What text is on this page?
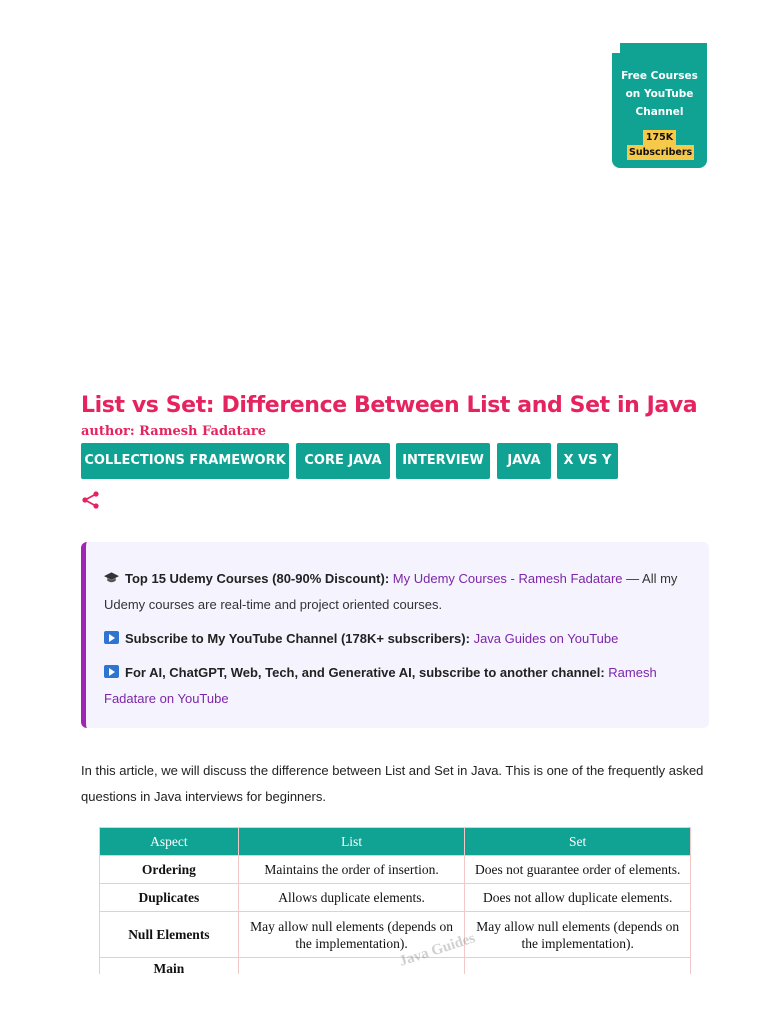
Free Courses
on YouTube
Channel
175K
Subscribers
List vs Set: Difference Between List and Set in Java
author: Ramesh Fadatare
COLLECTIONS FRAMEWORK	CORE JAVA	INTERVIEW	JAVA	X VS Y

Top 15 Udemy Courses (80-90% Discount): My Udemy Courses - Ramesh Fadatare — All my Udemy courses are real-time and project oriented courses.

Subscribe to My YouTube Channel (178K+ subscribers): Java Guides on YouTube

For AI, ChatGPT, Web, Tech, and Generative AI, subscribe to another channel: Ramesh Fadatare on YouTube

In this article, we will discuss the difference between List and Set in Java. This is one of the frequently asked questions in Java interviews for beginners.

Aspect	List	Set
Ordering	Maintains the order of insertion.	Does not guarantee order of elements.
Duplicates	Allows duplicate elements.	Does not allow duplicate elements.
Null Elements	May allow null elements (depends on the implementation).	May allow null elements (depends on the implementation).
Main			Java Guides
